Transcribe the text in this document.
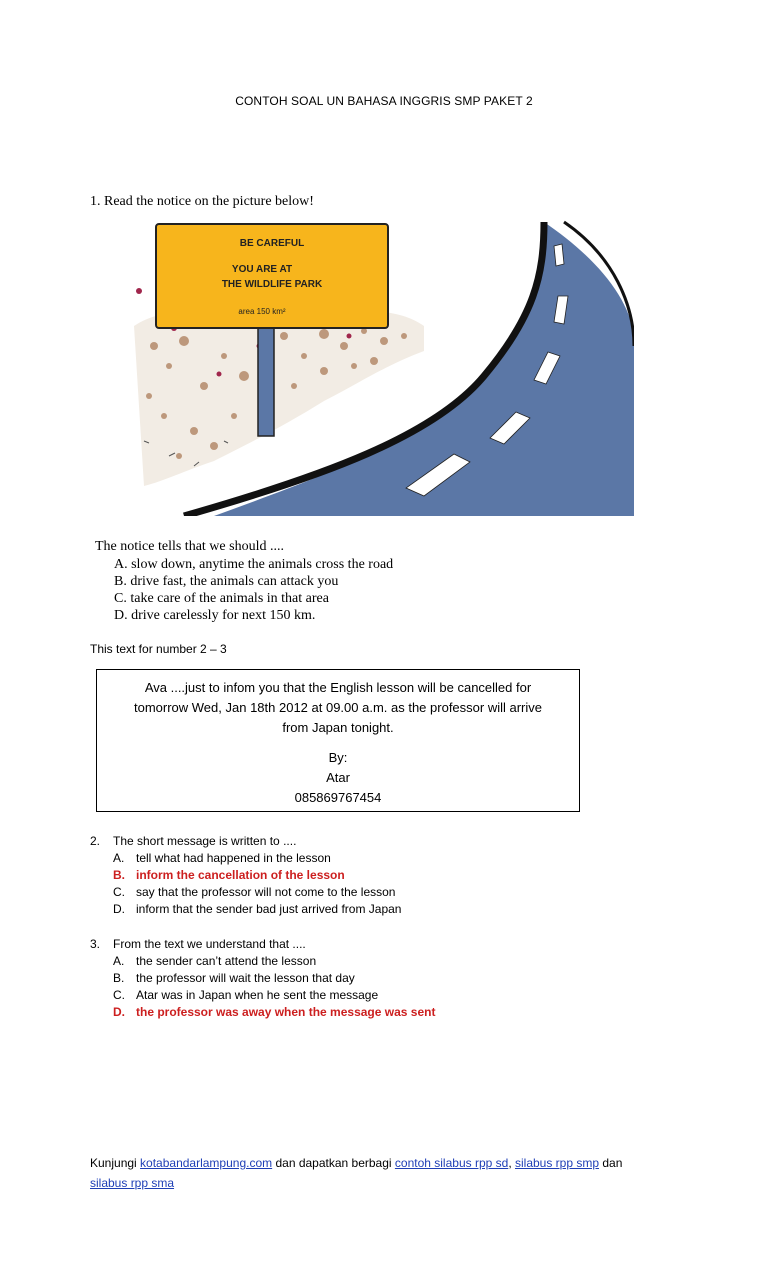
CONTOH SOAL UN BAHASA INGGRIS SMP PAKET 2
1. Read the notice on the picture below!
BE CAREFUL
YOU ARE AT
THE WILDLIFE PARK
area 150 km²
The notice tells that we should ....
A. slow down, anytime the animals cross the road
B. drive fast, the animals can attack you
C. take care of the animals in that area
D. drive carelessly for next 150 km.
This text for number 2 – 3

Ava ....just to infom you that the English lesson will be cancelled for

tomorrow Wed, Jan 18th 2012 at 09.00 a.m. as the professor will arrive

from Japan tonight.

By:

Atar

085869767454

2. The short message is written to ....
A. tell what had happened in the lesson
B. inform the cancellation of the lesson
C. say that the professor will not come to the lesson
D. inform that the sender bad just arrived from Japan
3. From the text we understand that ....
A. the sender can’t attend the lesson
B. the professor will wait the lesson that day
C. Atar was in Japan when he sent the message
D. the professor was away when the message was sent
Kunjungi kotabandarlampung.com dan dapatkan berbagi contoh silabus rpp sd, silabus rpp smp dan
silabus rpp sma
